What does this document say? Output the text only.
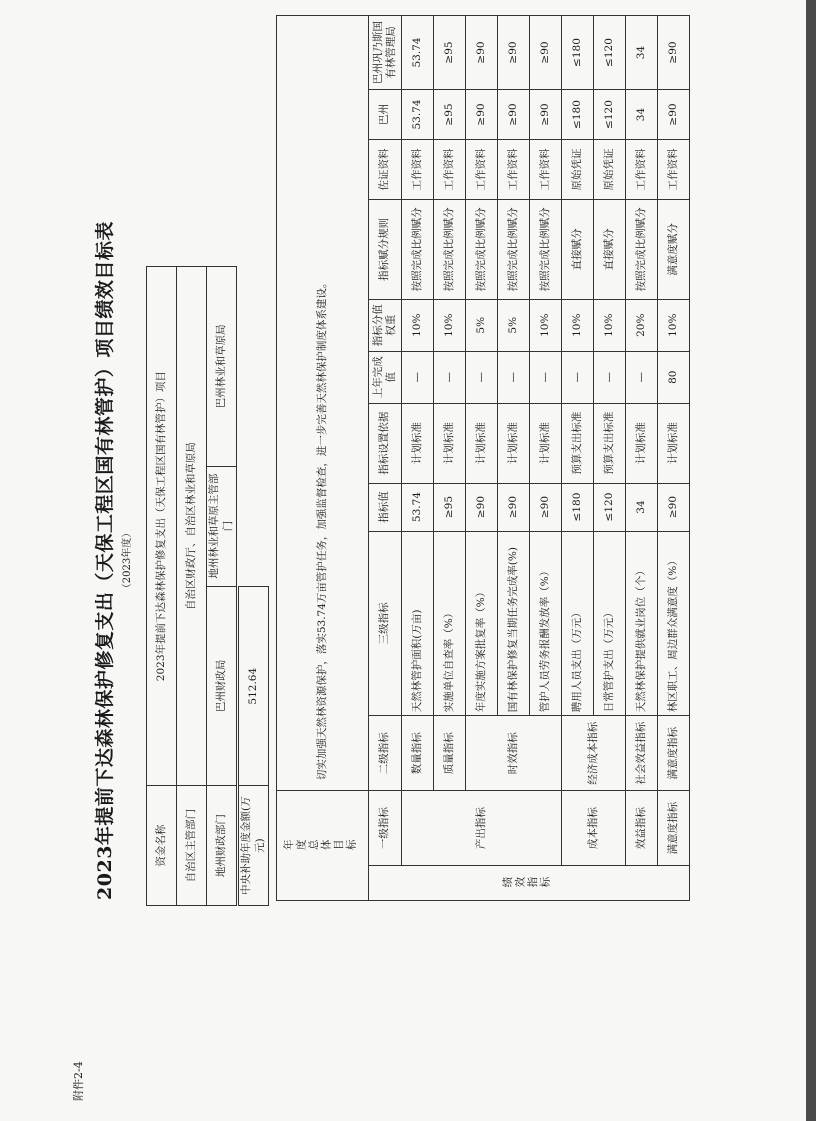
附件2-4
2023年提前下达森林保护修复支出（天保工程区国有林管护）项目绩效目标表 （2023年度）
资金名称	2023年提前下达森林保护修复支出（天保工程区国有林管护）项目		
自治区主管部门	自治区财政厅、自治区林业和草原局		
地州财政部门	巴州财政局	地州林业和草原主管部门	巴州林业和草原局
中央补助年度金额(万元)	512.64
年度总体目标		切实加强天然林资源保护，落实53.74万亩管护任务，加强监督检查，进一步完善天然林保护制度体系建设。									
绩效指标	一级指标	二级指标	三级指标	指标值	指标设置依据	上年完成值	指标分值权重	指标赋分规则	佐证资料	巴州	巴州巩乃斯国有林管理局
	产出指标	数量指标	天然林管护面积(万亩)	53.74	计划标准	—	10%	按照完成比例赋分	工作资料	53.74	53.74
		质量指标	实施单位自查率（%）	≥95	计划标准	—	10%	按照完成比例赋分	工作资料	≥95	≥95
		时效指标	年度实施方案批复率（%）	≥90	计划标准	—	5%	按照完成比例赋分	工作资料	≥90	≥90
			国有林保护修复当期任务完成率(%)	≥90	计划标准	—	5%	按照完成比例赋分	工作资料	≥90	≥90
			管护人员劳务报酬发放率（%）	≥90	计划标准	—	10%	按照完成比例赋分	工作资料	≥90	≥90
	成本指标	经济成本指标	聘用人员支出（万元）	≤180	预算支出标准	—	10%	直接赋分	原始凭证	≤180	≤180
			日常管护支出（万元）	≤120	预算支出标准	—	10%	直接赋分	原始凭证	≤120	≤120
	效益指标	社会效益指标	天然林保护提供就业岗位（个）	34	计划标准	—	20%	按照完成比例赋分	工作资料	34	34
	满意度指标	满意度指标	林区职工、周边群众满意度（%）	≥90	计划标准	80	10%	满意度赋分	工作资料	≥90	≥90
